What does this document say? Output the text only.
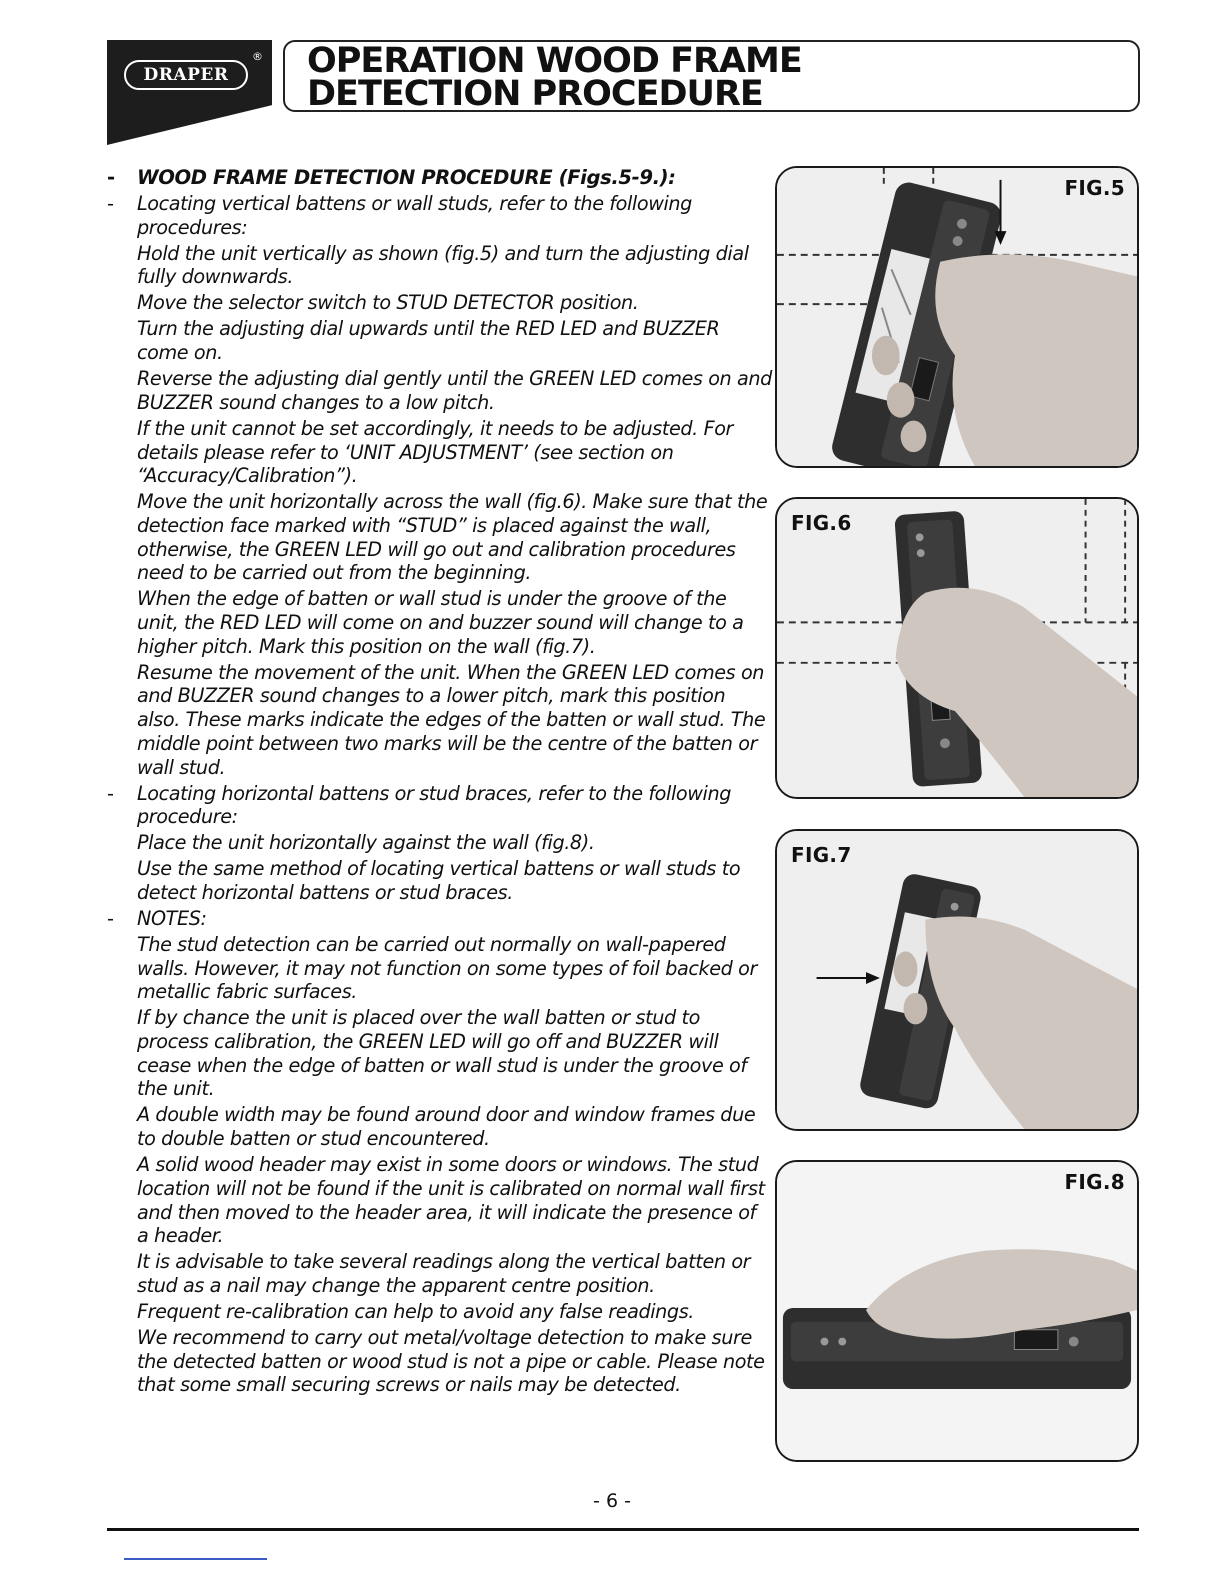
DRAPER
® OPERATION WOOD FRAME
DETECTION PROCEDURE
- WOOD FRAME DETECTION PROCEDURE (Figs.5-9.):
- Locating vertical battens or wall studs, refer to the following procedures:
Hold the unit vertically as shown (fig.5) and turn the adjusting dial fully downwards.
Move the selector switch to STUD DETECTOR position.
Turn the adjusting dial upwards until the RED LED and BUZZER come on.
Reverse the adjusting dial gently until the GREEN LED comes on and BUZZER sound changes to a low pitch.
If the unit cannot be set accordingly, it needs to be adjusted. For details please refer to ‘UNIT ADJUSTMENT’ (see section on “Accuracy/Calibration”).
Move the unit horizontally across the wall (fig.6). Make sure that the detection face marked with “STUD” is placed against the wall, otherwise, the GREEN LED will go out and calibration procedures need to be carried out from the beginning.
When the edge of batten or wall stud is under the groove of the unit, the RED LED will come on and buzzer sound will change to a higher pitch. Mark this position on the wall (fig.7).
Resume the movement of the unit. When the GREEN LED comes on and BUZZER sound changes to a lower pitch, mark this position also. These marks indicate the edges of the batten or wall stud. The middle point between two marks will be the centre of the batten or wall stud.
- Locating horizontal battens or stud braces, refer to the following procedure:
Place the unit horizontally against the wall (fig.8).
Use the same method of locating vertical battens or wall studs to detect horizontal battens or stud braces.
- NOTES:
The stud detection can be carried out normally on wall-papered walls. However, it may not function on some types of foil backed or metallic fabric surfaces.
If by chance the unit is placed over the wall batten or stud to process calibration, the GREEN LED will go off and BUZZER will cease when the edge of batten or wall stud is under the groove of the unit.
A double width may be found around door and window frames due to double batten or stud encountered.
A solid wood header may exist in some doors or windows. The stud location will not be found if the unit is calibrated on normal wall first and then moved to the header area, it will indicate the presence of a header.
It is advisable to take several readings along the vertical batten or stud as a nail may change the apparent centre position.
Frequent re-calibration can help to avoid any false readings.
We recommend to carry out metal/voltage detection to make sure the detected batten or wood stud is not a pipe or cable. Please note that some small securing screws or nails may be detected.
FIG.5
FIG.6
FIG.7
FIG.8
- 6 -
